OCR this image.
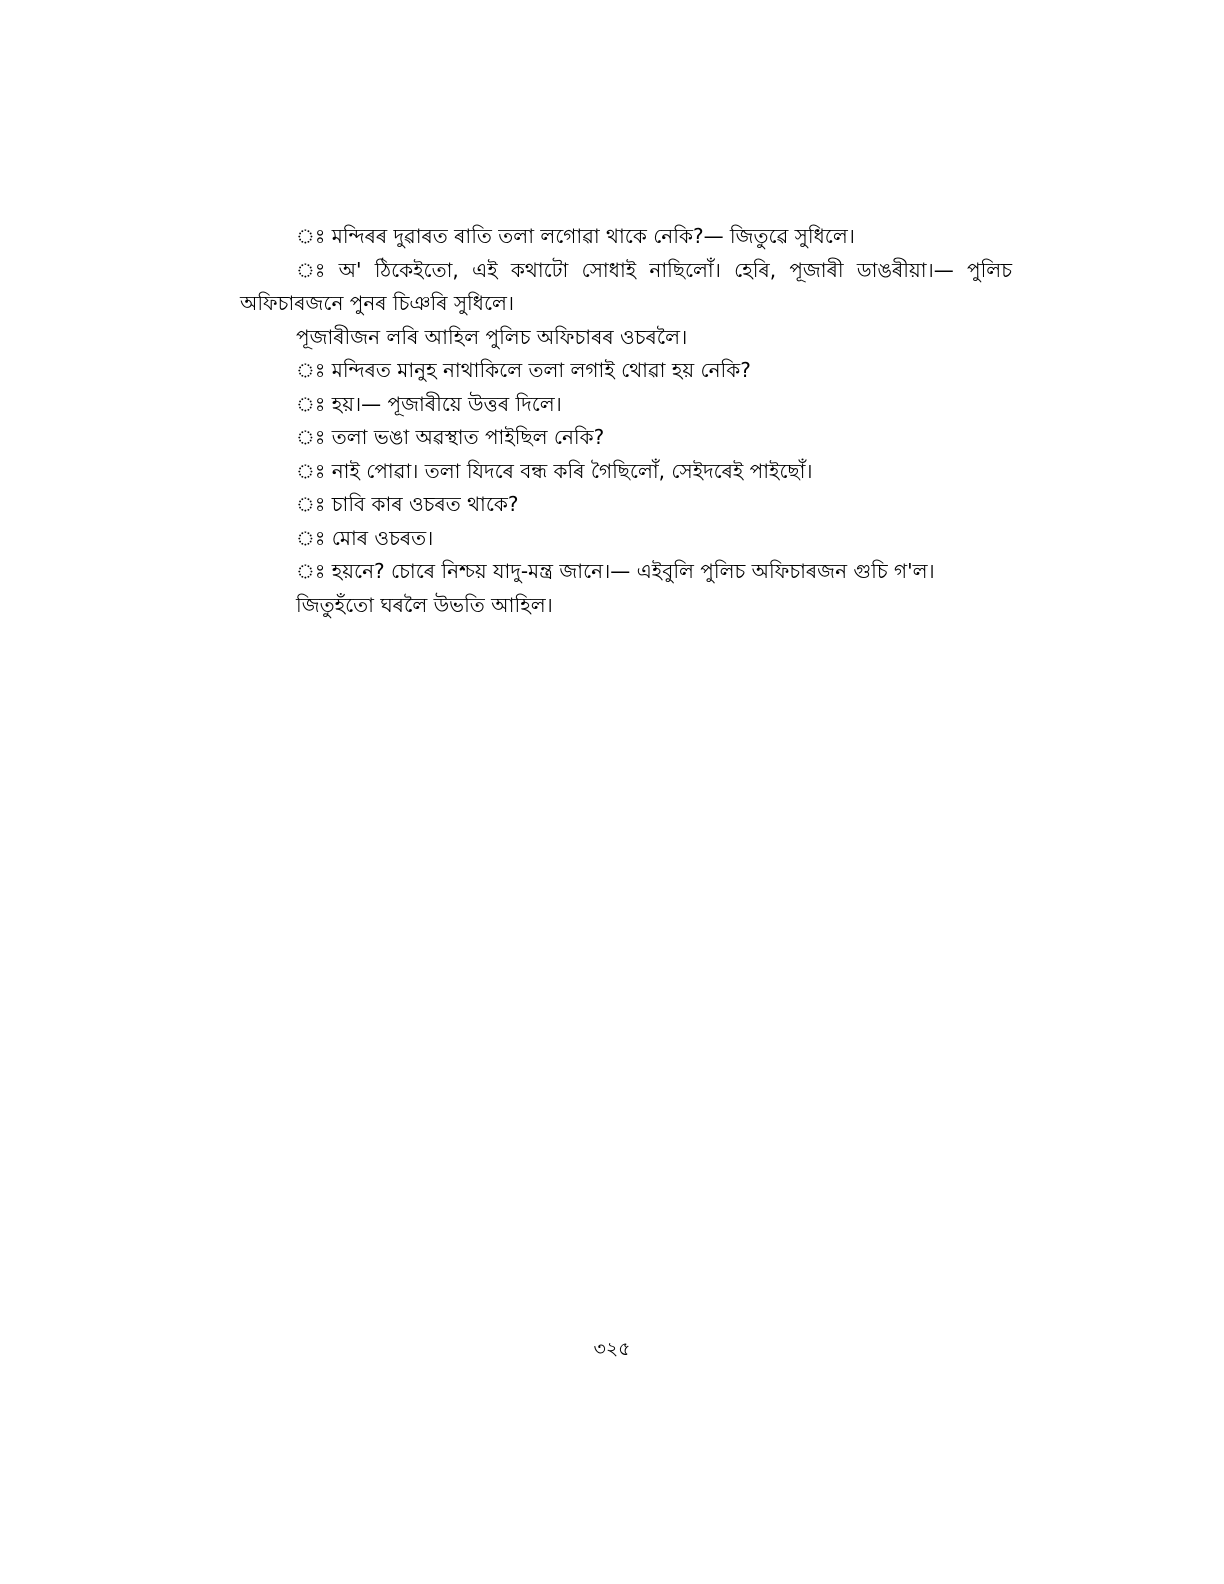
ঃ মন্দিৰৰ দুৱাৰত ৰাতি তলা লগোৱা থাকে নেকি?— জিতুৱে সুধিলে।

ঃ অ' ঠিকেইতো, এই কথাটো সোধাই নাছিলোঁ। হেৰি, পূজাৰী ডাঙৰীয়া।— পুলিচ অফিচাৰজনে পুনৰ চিঞৰি সুধিলে।

পূজাৰীজন লৰি আহিল পুলিচ অফিচাৰৰ ওচৰলৈ।

ঃ মন্দিৰত মানুহ নাথাকিলে তলা লগাই থোৱা হয় নেকি?

ঃ হয়।— পূজাৰীয়ে উত্তৰ দিলে।

ঃ তলা ভঙা অৱস্থাত পাইছিল নেকি?

ঃ নাই পোৱা। তলা যিদৰে বন্ধ কৰি গৈছিলোঁ, সেইদৰেই পাইছোঁ।

ঃ চাবি কাৰ ওচৰত থাকে?

ঃ মোৰ ওচৰত।

ঃ হয়নে? চোৰে নিশ্চয় যাদু-মন্ত্ৰ জানে।— এইবুলি পুলিচ অফিচাৰজন গুচি গ'ল।

জিতুহঁতো ঘৰলৈ উভতি আহিল।

৩২৫
